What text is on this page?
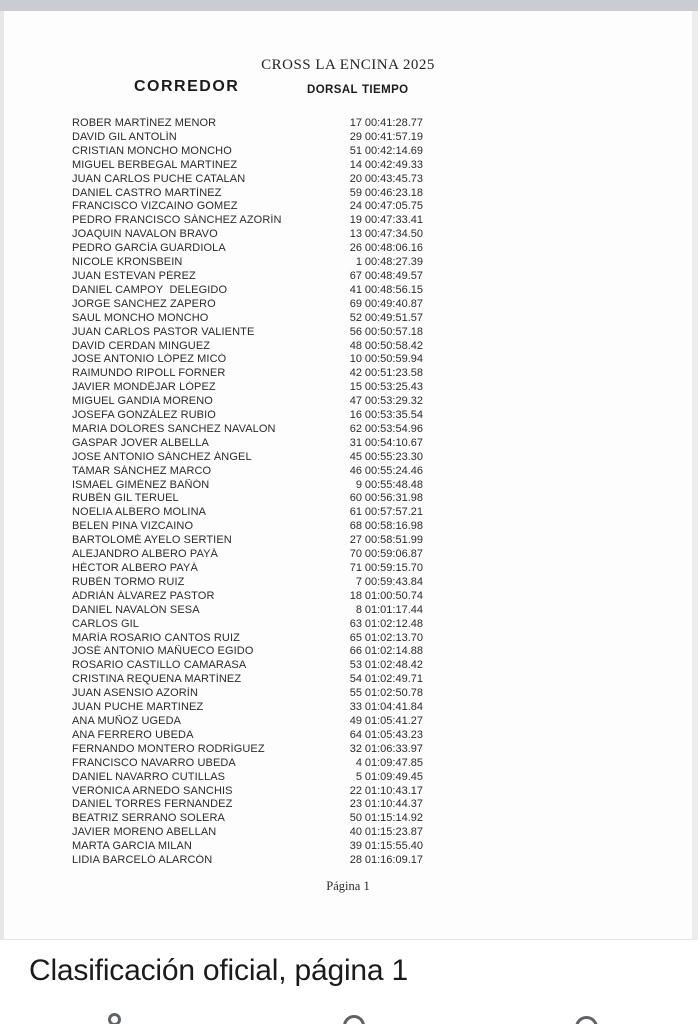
CROSS LA ENCINA 2025
CORREDOR	DORSAL TIEMPO
ROBER MARTÍNEZ MENOR	17 00:41:28.77
DAVID GIL ANTOLÍN	29 00:41:57.19
CRISTIAN MONCHO MONCHO	51 00:42:14.69
MIGUEL BERBEGAL MARTINEZ	14 00:42:49.33
JUAN CARLOS PUCHE CATALAN	20 00:43:45.73
DANIEL CASTRO MARTÍNEZ	59 00:46:23.18
FRANCISCO VIZCAINO GOMEZ	24 00:47:05.75
PEDRO FRANCISCO SÁNCHEZ AZORÍN	19 00:47:33.41
JOAQUIN NAVALON BRAVO	13 00:47:34.50
PEDRO GARCÍA GUARDIOLA	26 00:48:06.16
NICOLE KRONSBEIN	1 00:48:27.39
JUAN ESTEVAN PÉREZ	67 00:48:49.57
DANIEL CAMPOY  DELEGIDO	41 00:48:56.15
JORGE SANCHEZ ZAPERO	69 00:49:40.87
SAUL MONCHO MONCHO	52 00:49:51.57
JUAN CARLOS PASTOR VALIENTE	56 00:50:57.18
DAVID CERDAN MINGUEZ	48 00:50:58.42
JOSE ANTONIO LÓPEZ MICÓ	10 00:50:59.94
RAIMUNDO RIPOLL FORNER	42 00:51:23.58
JAVIER MONDÉJAR LÓPEZ	15 00:53:25.43
MIGUEL GANDIA MORENO	47 00:53:29.32
JOSEFA GONZÁLEZ RUBIO	16 00:53:35.54
MARIA DOLORES SANCHEZ NAVALON	62 00:53:54.96
GASPAR JOVER ALBELLA	31 00:54:10.67
JOSE ANTONIO SÁNCHEZ ÁNGEL	45 00:55:23.30
TAMAR SÁNCHEZ MARCO	46 00:55:24.46
ISMAEL GIMÉNEZ BAÑÓN	9 00:55:48.48
RUBÉN GIL TERUEL	60 00:56:31.98
NOELIA ALBERO MOLINA	61 00:57:57.21
BELEN PINA VIZCAINO	68 00:58:16.98
BARTOLOMÉ AYELO SERTIEN	27 00:58:51.99
ALEJANDRO ALBERO PAYÁ	70 00:59:06.87
HÉCTOR ALBERO PAYÁ	71 00:59:15.70
RUBÉN TORMO RUIZ	7 00:59:43.84
ADRIÁN ÁLVAREZ PASTOR	18 01:00:50.74
DANIEL NAVALÓN SESA	8 01:01:17.44
CARLOS GIL	63 01:02:12.48
MARÍA ROSARIO CANTOS RUIZ	65 01:02:13.70
JOSÉ ANTONIO MAÑUECO EGIDO	66 01:02:14.88
ROSARIO CASTILLO CAMARASA	53 01:02:48.42
CRISTINA REQUENA MARTÍNEZ	54 01:02:49.71
JUAN ASENSIO AZORÍN	55 01:02:50.78
JUAN PUCHE MARTINEZ	33 01:04:41.84
ANA MUÑOZ UGEDA	49 01:05:41.27
ANA FERRERO UBEDA	64 01:05:43.23
FERNANDO MONTERO RODRÍGUEZ	32 01:06:33.97
FRANCISCO NAVARRO UBEDA	4 01:09:47.85
DANIEL NAVARRO CUTILLAS	5 01:09:49.45
VERÓNICA ARNEDO SANCHIS	22 01:10:43.17
DANIEL TORRES FERNANDEZ	23 01:10:44.37
BEATRIZ SERRANO SOLERA	50 01:15:14.92
JAVIER MORENO ABELLAN	40 01:15:23.87
MARTA GARCIA MILAN	39 01:15:55.40
LIDIA BARCELÓ ALARCÓN	28 01:16:09.17
Página 1
Clasificación oficial, página 1
